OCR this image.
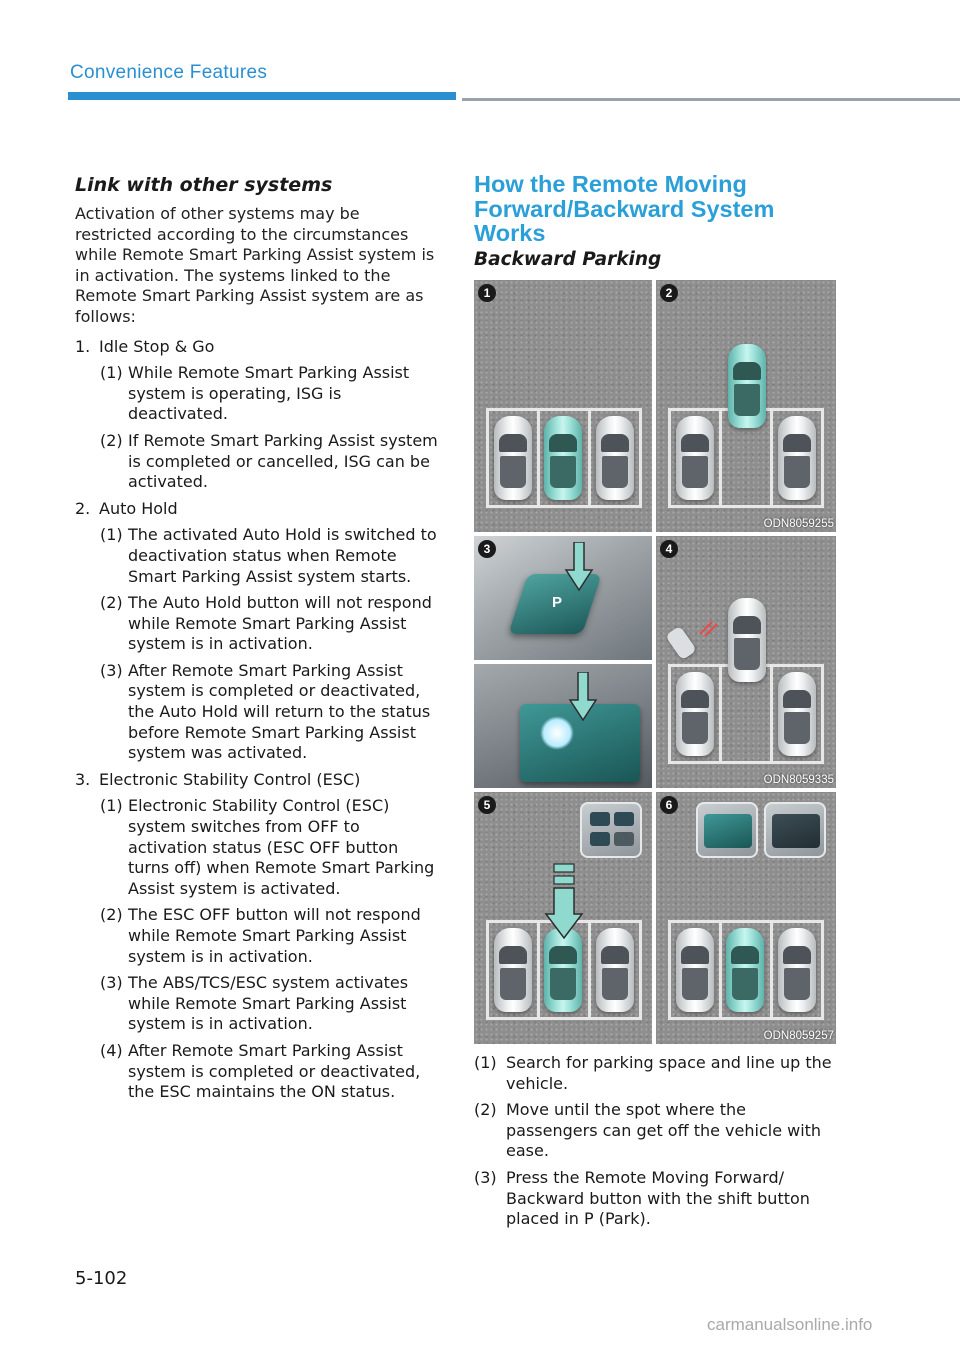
Convenience Features
Link with other systems
Activation of other systems may be restricted according to the circumstances while Remote Smart Parking Assist system is in activation. The systems linked to the Remote Smart Parking Assist system are as follows:
1. Idle Stop & Go
(1) While Remote Smart Parking Assist system is operating, ISG is deactivated.
(2) If Remote Smart Parking Assist system is completed or cancelled, ISG can be activated.
2. Auto Hold
(1) The activated Auto Hold is switched to deactivation status when Remote Smart Parking Assist system starts.
(2) The Auto Hold button will not respond while Remote Smart Parking Assist system is in activation.
(3) After Remote Smart Parking Assist system is completed or deactivated, the Auto Hold will return to the status before Remote Smart Parking Assist system was activated.
3. Electronic Stability Control (ESC)
(1) Electronic Stability Control (ESC) system switches from OFF to activation status (ESC OFF button turns off) when Remote Smart Parking Assist system is activated.
(2) The ESC OFF button will not respond while Remote Smart Parking Assist system is in activation.
(3) The ABS/TCS/ESC system activates while Remote Smart Parking Assist system is in activation.
(4) After Remote Smart Parking Assist system is completed or deactivated, the ESC maintains the ON status.
How the Remote Moving Forward/Backward System Works
Backward Parking
1	2
ODN8059255
3
P
4
ODN8059335
5	6
ODN8059257
(1) Search for parking space and line up the vehicle.
(2) Move until the spot where the passengers can get off the vehicle with ease.
(3) Press the Remote Moving Forward/ Backward button with the shift button placed in P (Park).
5-102
carmanualsonline.info
